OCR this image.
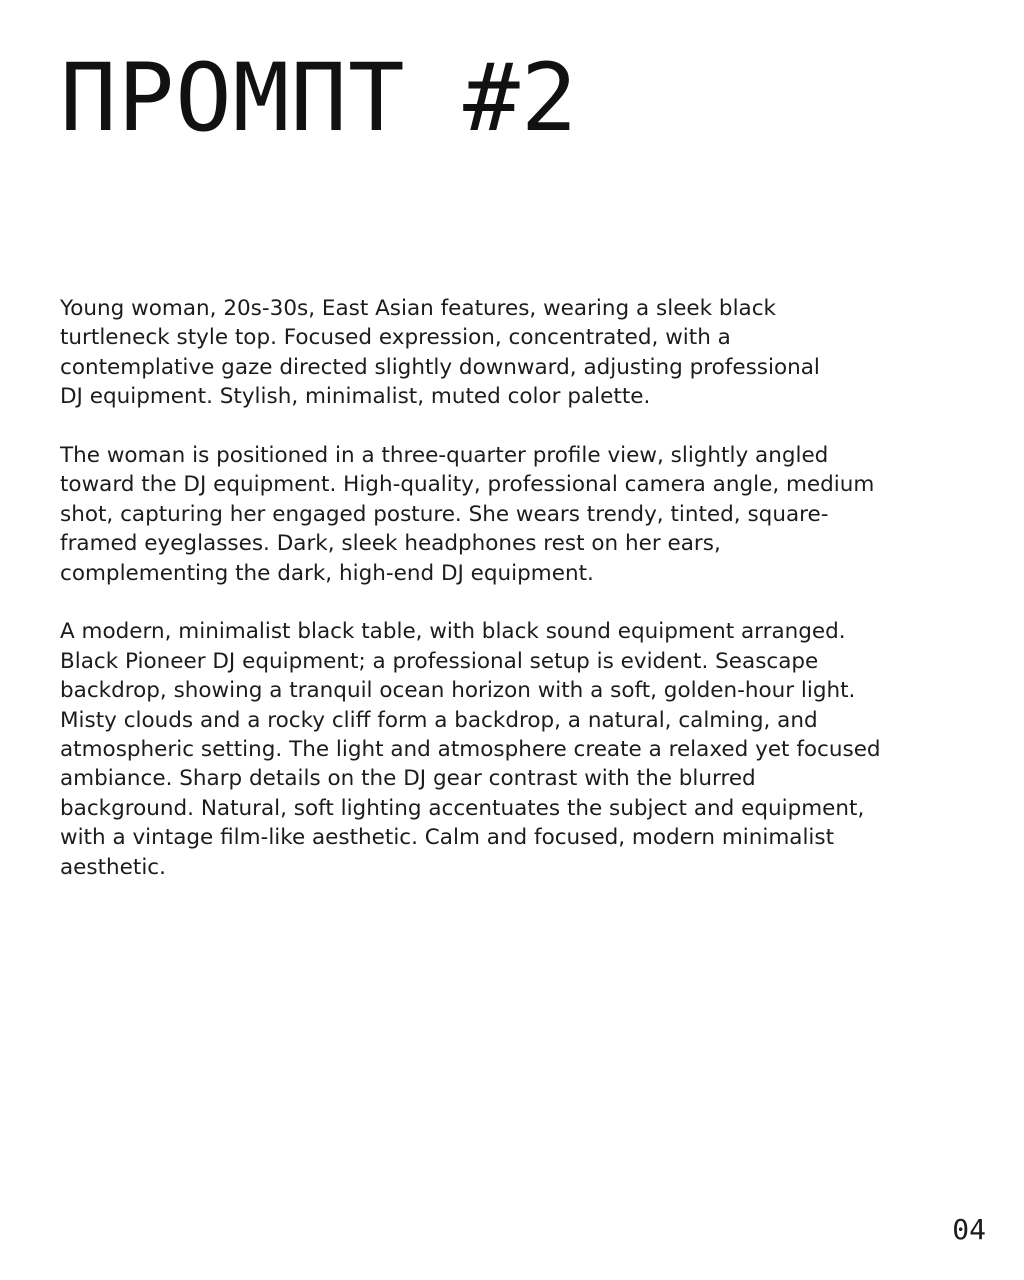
ПРОМПТ #2

Young woman, 20s-30s, East Asian features, wearing a sleek black
turtleneck style top. Focused expression, concentrated, with a
contemplative gaze directed slightly downward, adjusting professional
DJ equipment. Stylish, minimalist, muted color palette.

The woman is positioned in a three-quarter profile view, slightly angled
toward the DJ equipment. High-quality, professional camera angle, medium
shot, capturing her engaged posture. She wears trendy, tinted, square-
framed eyeglasses. Dark, sleek headphones rest on her ears,
complementing the dark, high-end DJ equipment.

A modern, minimalist black table, with black sound equipment arranged.
Black Pioneer DJ equipment; a professional setup is evident. Seascape
backdrop, showing a tranquil ocean horizon with a soft, golden-hour light.
Misty clouds and a rocky cliff form a backdrop, a natural, calming, and
atmospheric setting. The light and atmosphere create a relaxed yet focused
ambiance. Sharp details on the DJ gear contrast with the blurred
background. Natural, soft lighting accentuates the subject and equipment,
with a vintage film-like aesthetic. Calm and focused, modern minimalist
aesthetic.

04
